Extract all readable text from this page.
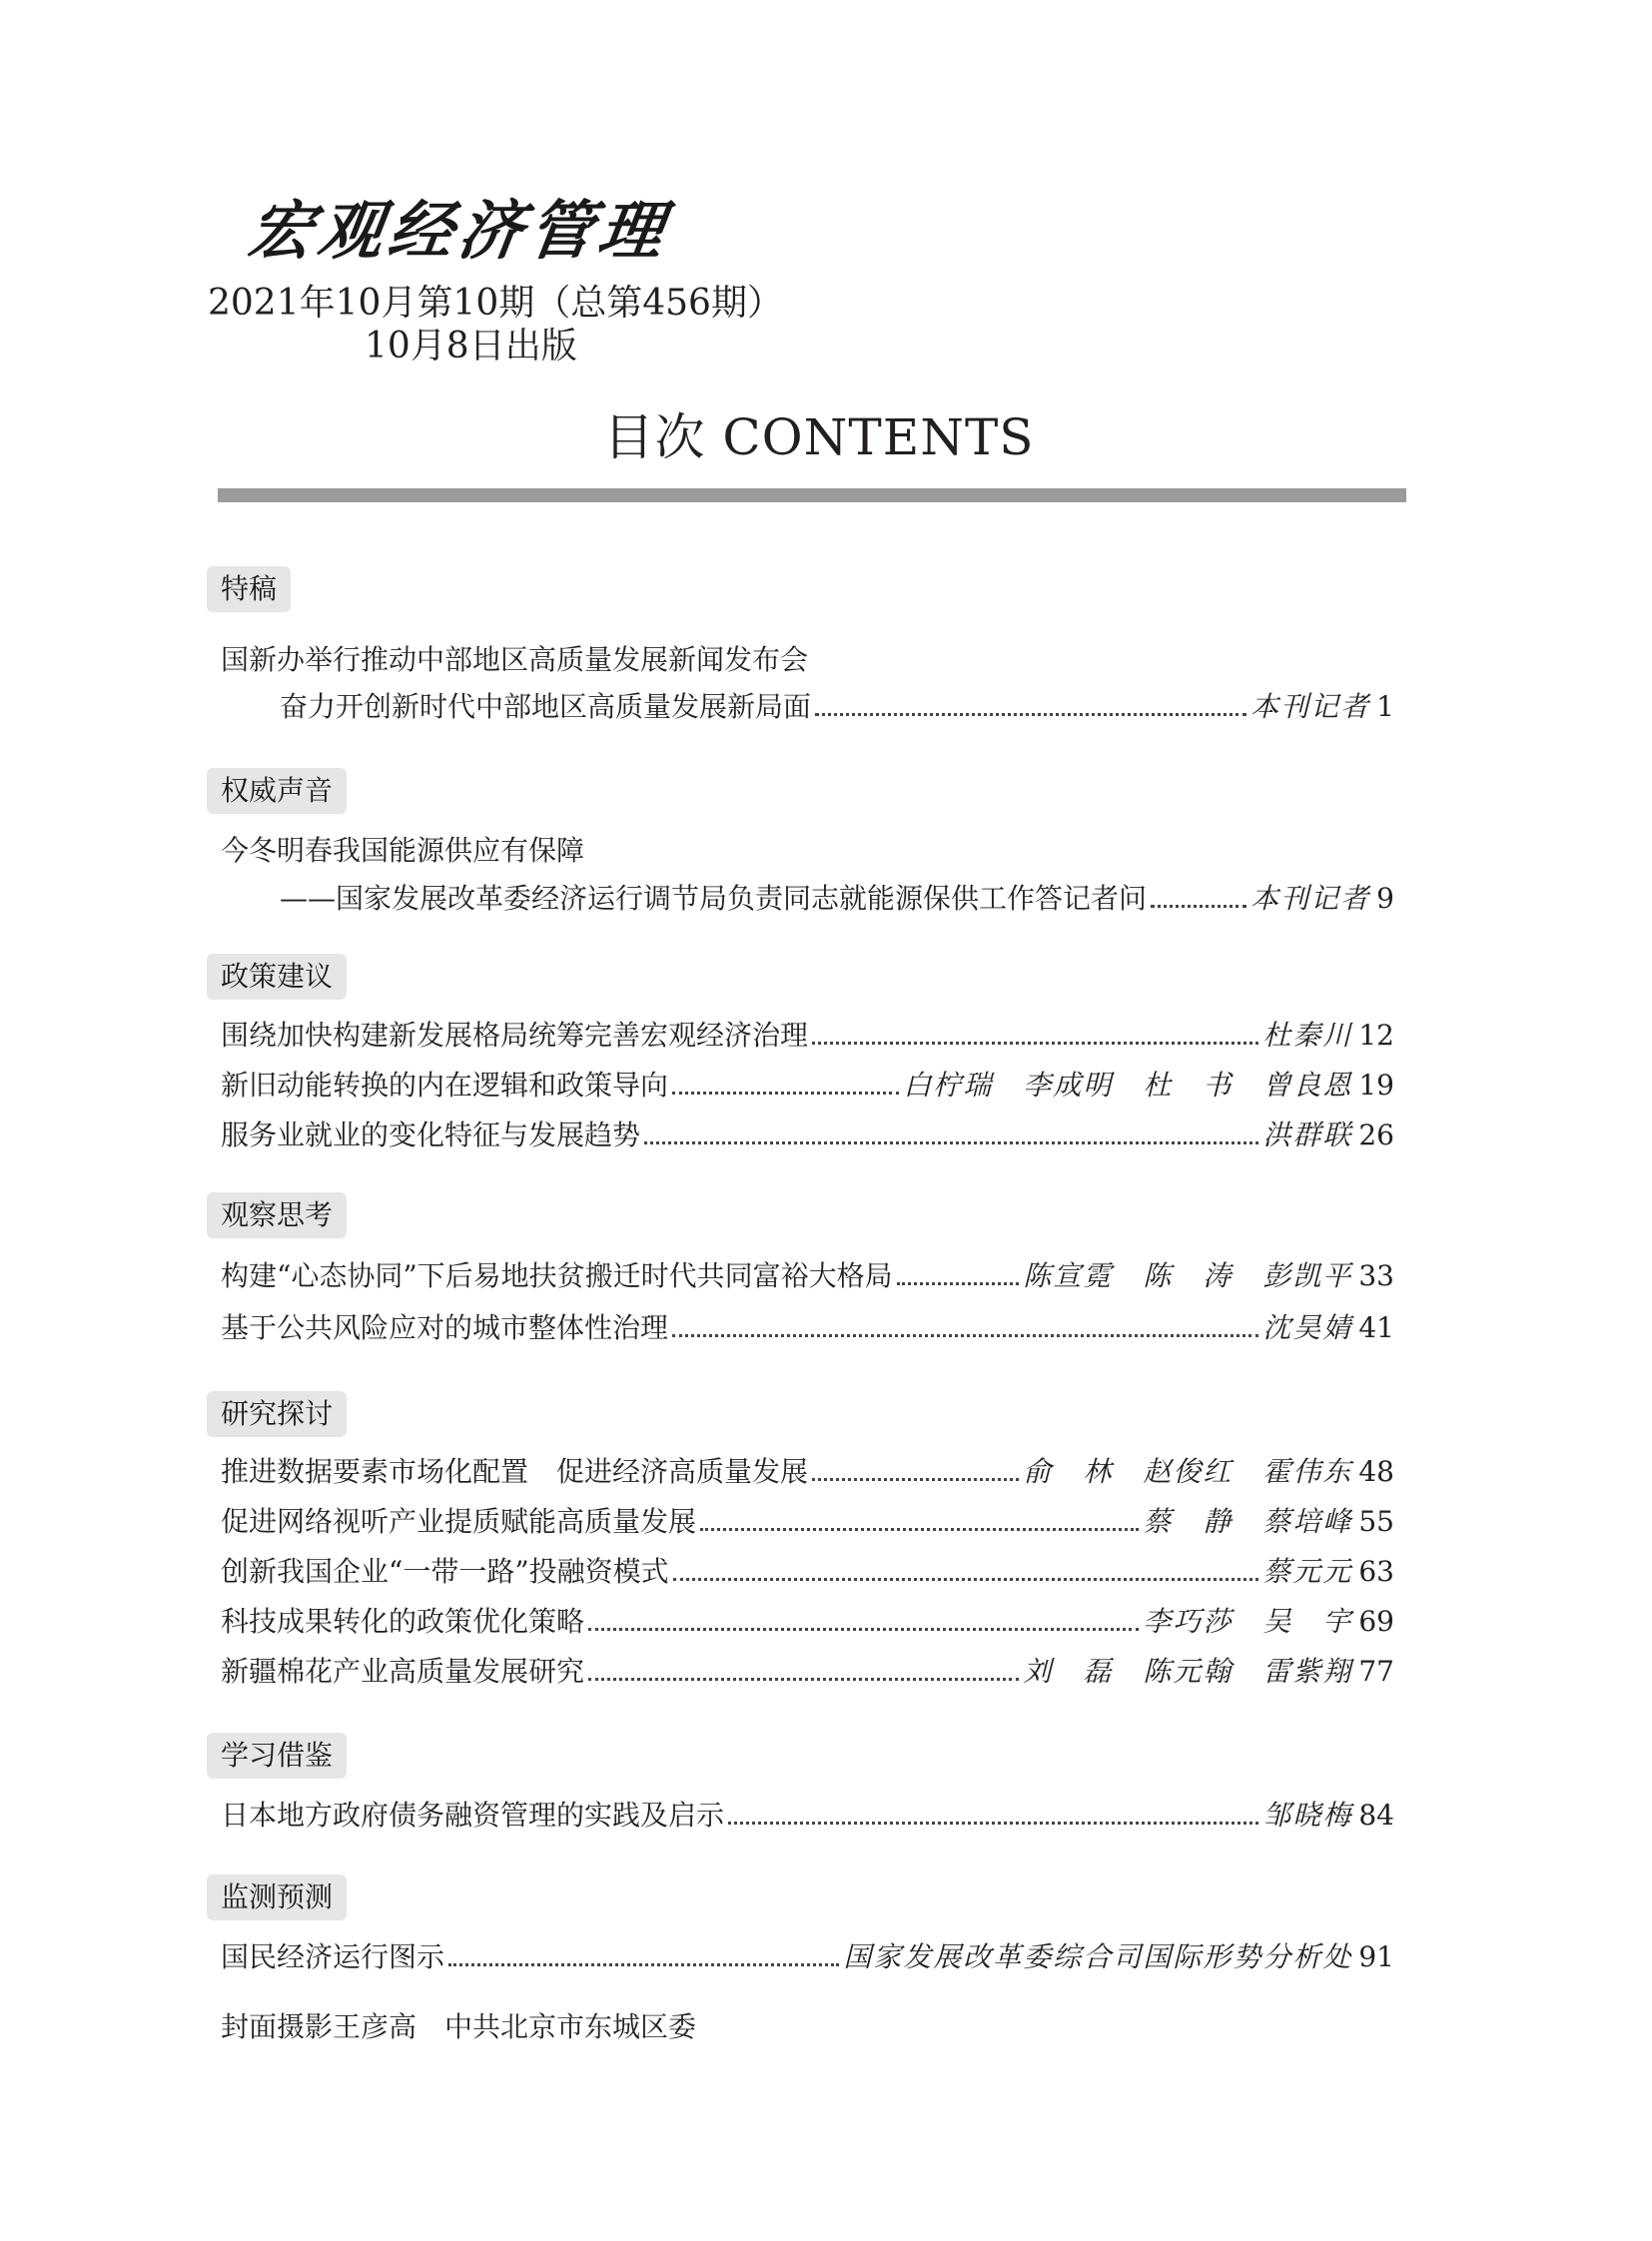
宏观经济管理
2021年10月第10期（总第456期）
10月8日出版
目次 CONTENTS
特稿
国新办举行推动中部地区高质量发展新闻发布会
奋力开创新时代中部地区高质量发展新局面	本刊记者 1
权威声音
今冬明春我国能源供应有保障
——国家发展改革委经济运行调节局负责同志就能源保供工作答记者问	本刊记者 9
政策建议
围绕加快构建新发展格局统筹完善宏观经济治理	杜秦川 12
新旧动能转换的内在逻辑和政策导向	白柠瑞　李成明　杜　书　曾良恩 19
服务业就业的变化特征与发展趋势	洪群联 26
观察思考
构建“心态协同”下后易地扶贫搬迁时代共同富裕大格局	陈宣霓　陈　涛　彭凯平 33
基于公共风险应对的城市整体性治理	沈昊婧 41
研究探讨
推进数据要素市场化配置　促进经济高质量发展	俞　林　赵俊红　霍伟东 48
促进网络视听产业提质赋能高质量发展	蔡　静　蔡培峰 55
创新我国企业“一带一路”投融资模式	蔡元元 63
科技成果转化的政策优化策略	李巧莎　吴　宇 69
新疆棉花产业高质量发展研究	刘　磊　陈元翰　雷紫翔 77
学习借鉴
日本地方政府债务融资管理的实践及启示	邹晓梅 84
监测预测
国民经济运行图示	国家发展改革委综合司国际形势分析处 91
封面摄影王彦高　中共北京市东城区委
